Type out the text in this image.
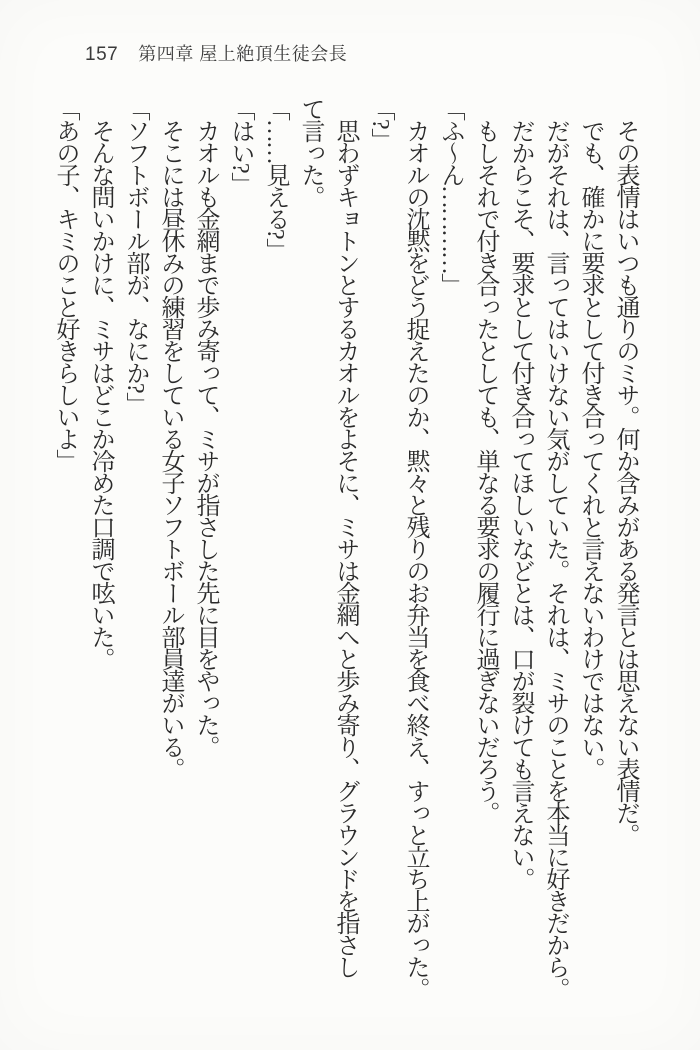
157 第四章 屋上絶頂生徒会長

その表情はいつも通りのミサ。何か含みがある発言とは思えない表情だ。

でも、確かに要求として付き合ってくれと言えないわけではない。

だがそれは、言ってはいけない気がしていた。それは、ミサのことを本当に好きだから。

だからこそ、要求として付き合ってほしいなどとは、口が裂けても言えない。

もしそれで付き合ったとしても、単なる要求の履行に過ぎないだろう。

「ふ〜ん…………」

カオルの沈黙をどう捉えたのか、黙々と残りのお弁当を食べ終え、すっと立ち上がった。

「?」

思わずキョトンとするカオルをよそに、ミサは金網へと歩み寄り、グラウンドを指さし

て言った。

「……見える?」

「はい?」

カオルも金網まで歩み寄って、ミサが指さした先に目をやった。

そこには昼休みの練習をしている女子ソフトボール部員達がいる。

「ソフトボール部が、なにか?」

そんな問いかけに、ミサはどこか冷めた口調で呟いた。

「あの子、キミのこと好きらしいよ」
